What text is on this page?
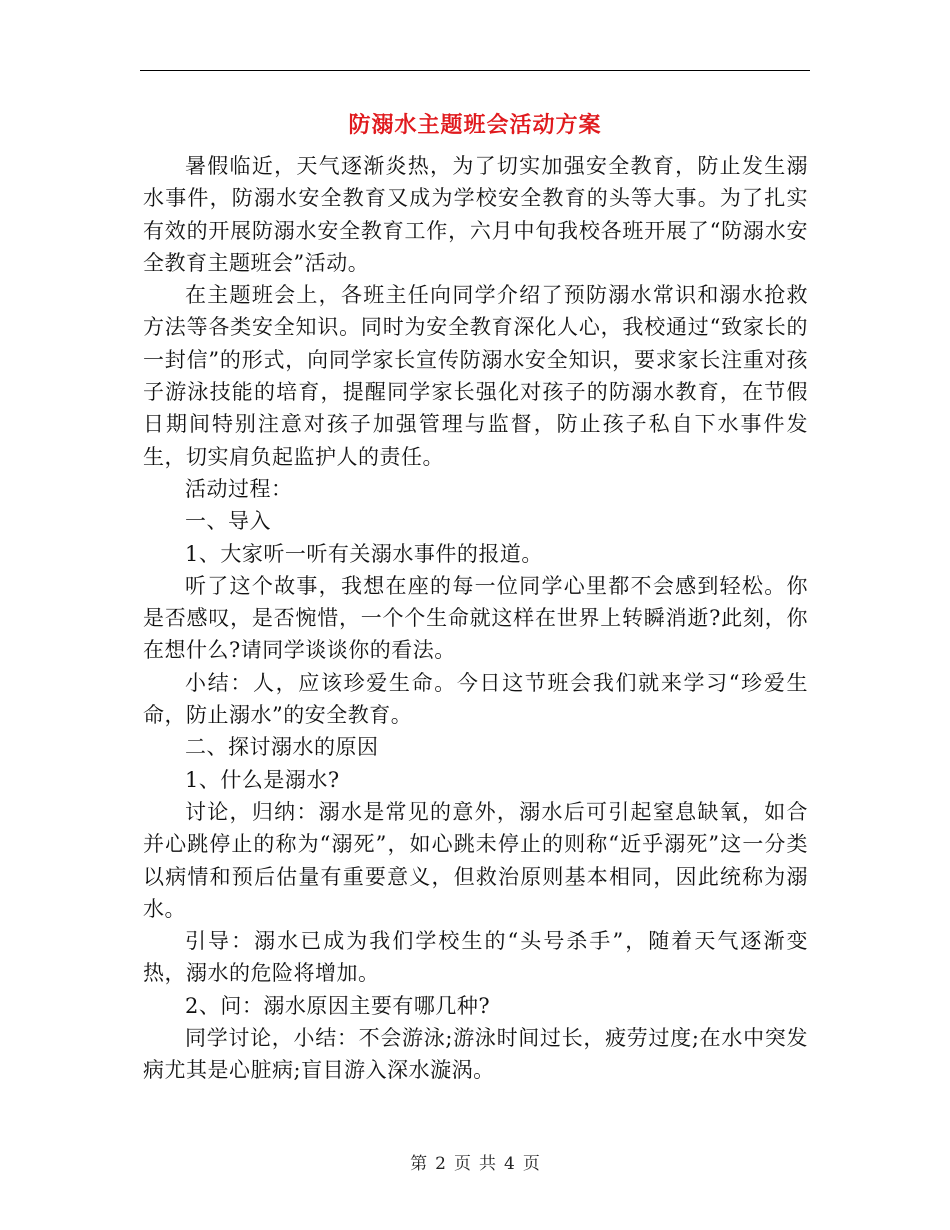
防溺水主题班会活动方案

暑假临近，天气逐渐炎热，为了切实加强安全教育，防止发生溺水事件，防溺水安全教育又成为学校安全教育的头等大事。为了扎实有效的开展防溺水安全教育工作，六月中旬我校各班开展了“防溺水安全教育主题班会”活动。

在主题班会上，各班主任向同学介绍了预防溺水常识和溺水抢救方法等各类安全知识。同时为安全教育深化人心，我校通过“致家长的一封信”的形式，向同学家长宣传防溺水安全知识，要求家长注重对孩子游泳技能的培育，提醒同学家长强化对孩子的防溺水教育，在节假日期间特别注意对孩子加强管理与监督，防止孩子私自下水事件发生，切实肩负起监护人的责任。

活动过程：

一、导入

1、大家听一听有关溺水事件的报道。

听了这个故事，我想在座的每一位同学心里都不会感到轻松。你是否感叹，是否惋惜，一个个生命就这样在世界上转瞬消逝?此刻，你在想什么?请同学谈谈你的看法。

小结：人，应该珍爱生命。今日这节班会我们就来学习“珍爱生命，防止溺水”的安全教育。

二、探讨溺水的原因

1、什么是溺水?

讨论，归纳：溺水是常见的意外，溺水后可引起窒息缺氧，如合并心跳停止的称为“溺死”，如心跳未停止的则称“近乎溺死”这一分类以病情和预后估量有重要意义，但救治原则基本相同，因此统称为溺水。

引导：溺水已成为我们学校生的“头号杀手”，随着天气逐渐变热，溺水的危险将增加。

2、问：溺水原因主要有哪几种?

同学讨论，小结：不会游泳;游泳时间过长，疲劳过度;在水中突发病尤其是心脏病;盲目游入深水漩涡。

第 2 页 共 4 页
